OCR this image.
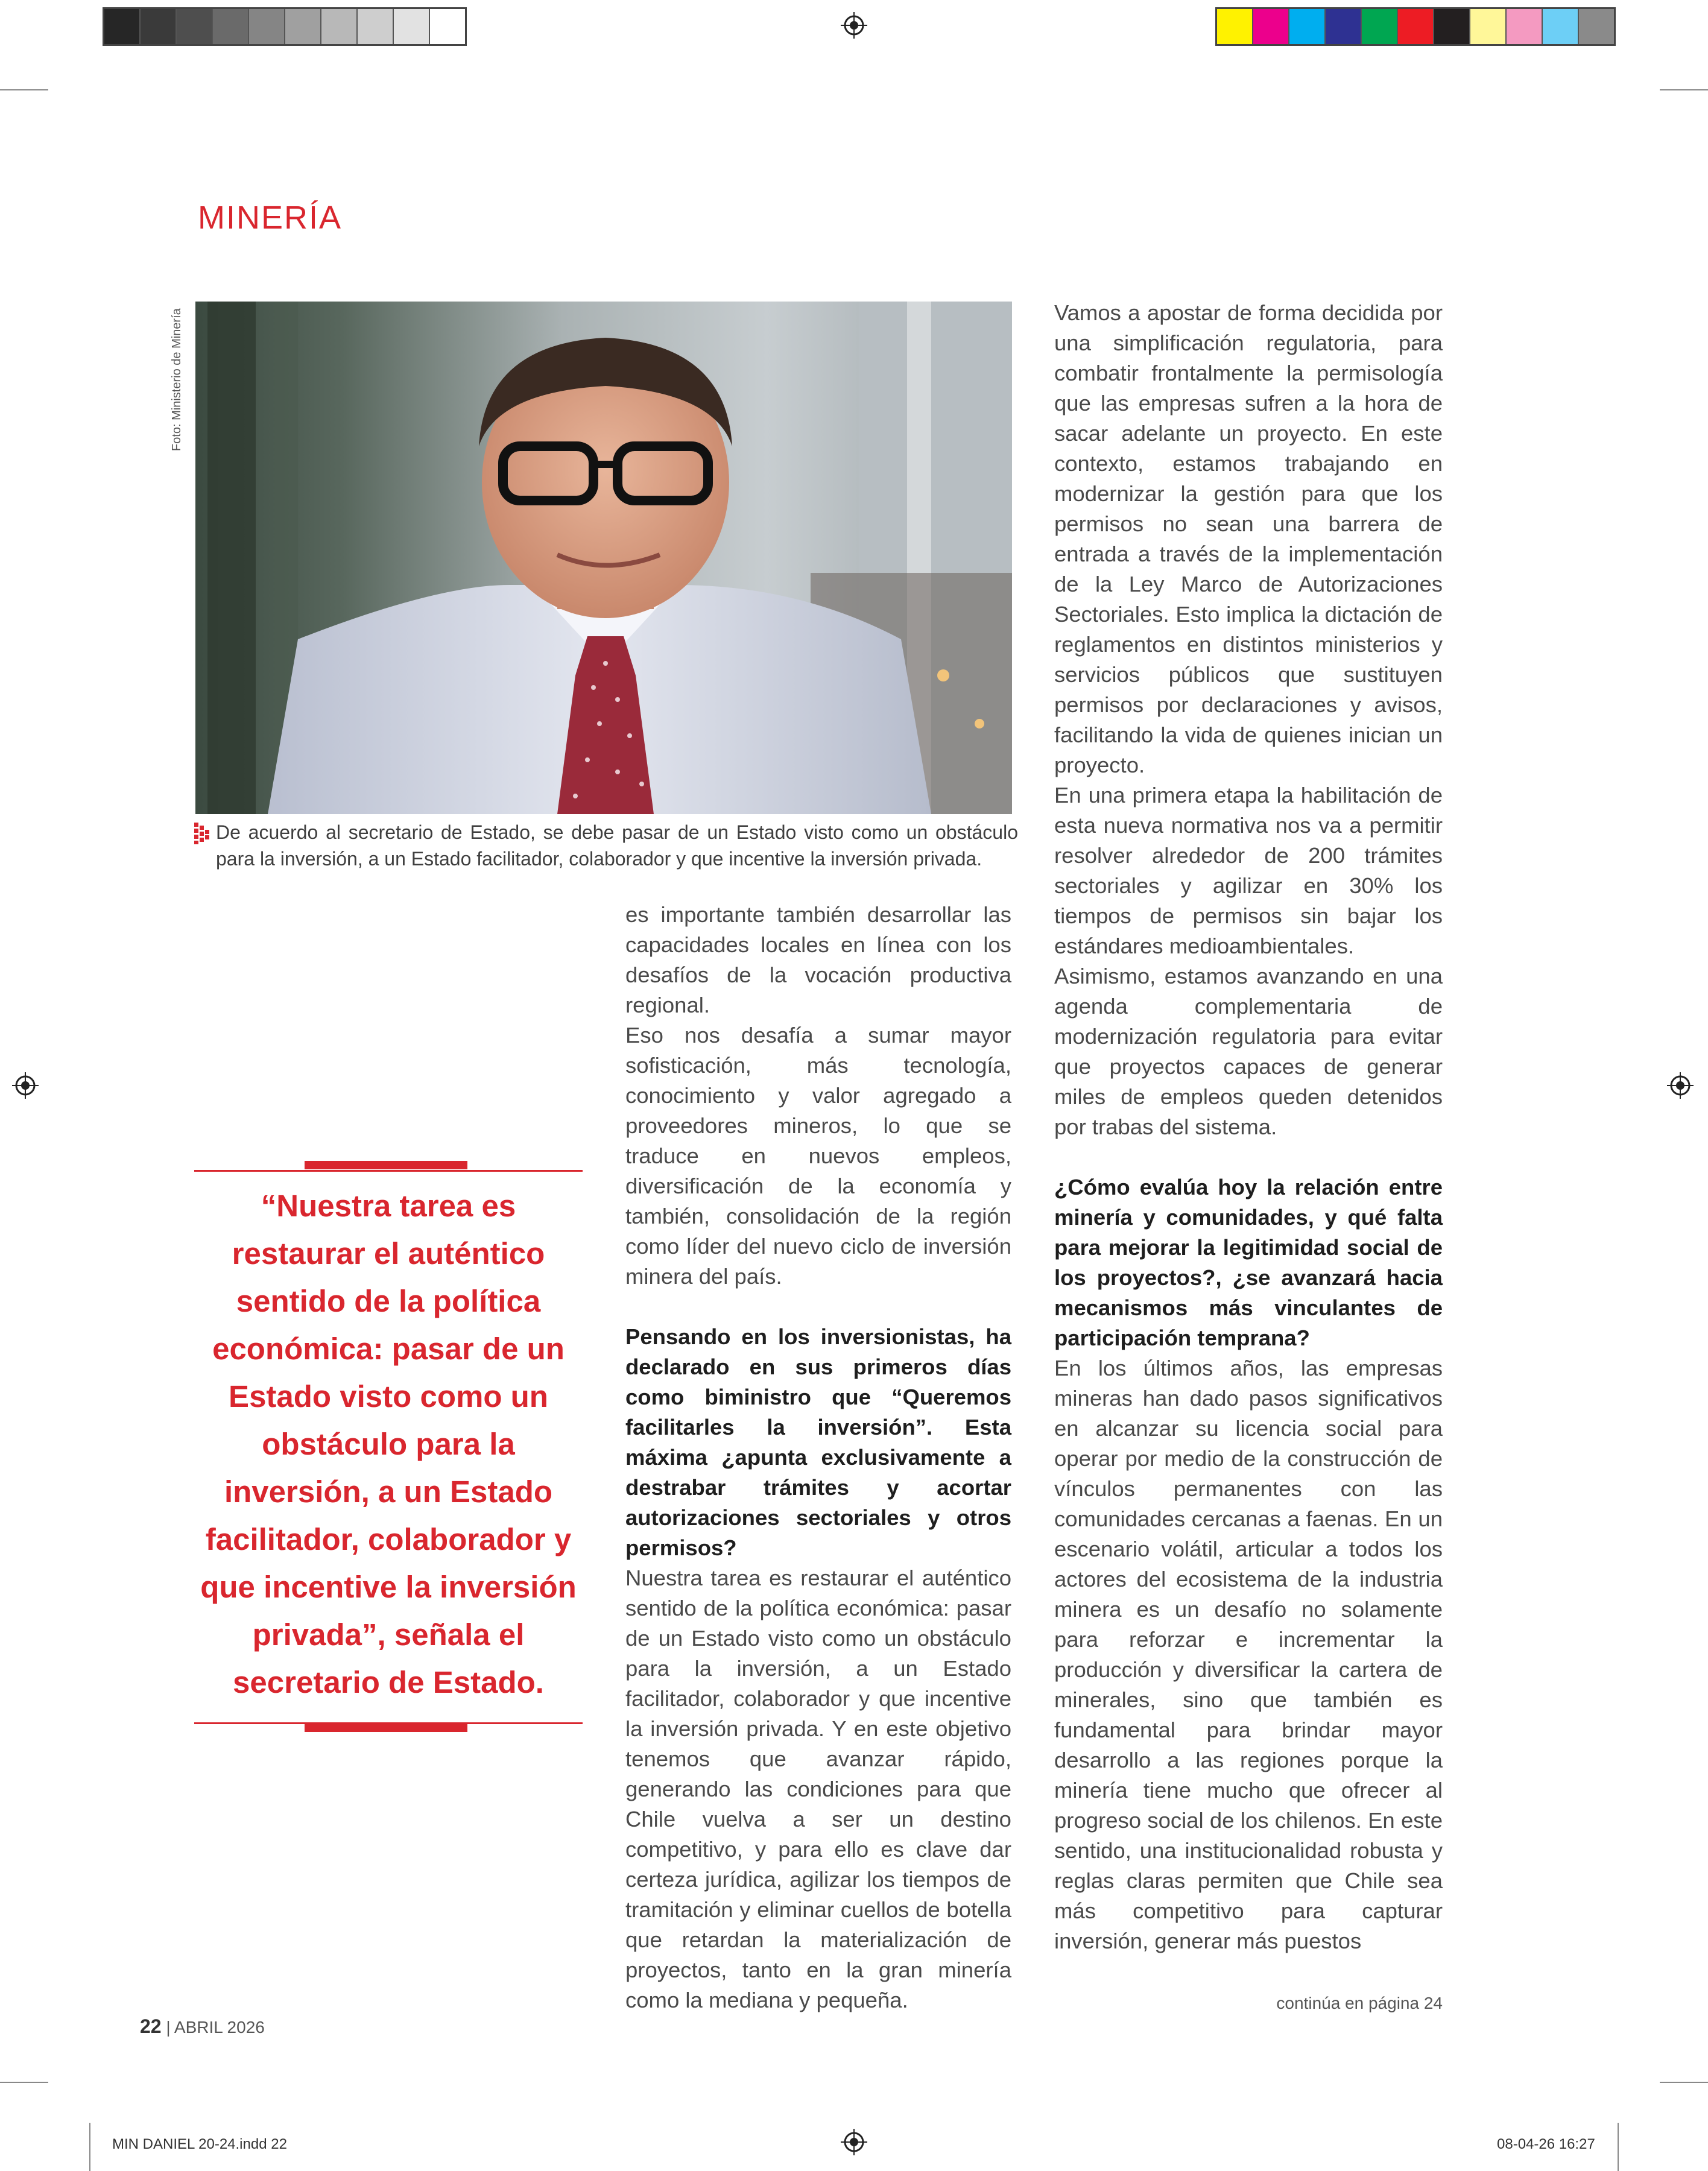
MINERÍA
Foto: Ministerio de Minería

De acuerdo al secretario de Estado, se debe pasar de un Estado visto como un obstáculo

para la inversión, a un Estado facilitador, colaborador y que incentive la inversión privada.

“Nuestra tarea es restaurar el auténtico sentido de la política económica: pasar de un Estado visto como un obstáculo para la inversión, a un Estado facilitador, colaborador y que incentive la inversión privada”, señala el secretario de Estado.

es importante también desarrollar las capacidades locales en línea con los desafíos de la vocación productiva regional.

Eso nos desafía a sumar mayor sofisticación, más tecnología, conocimiento y valor agregado a proveedores mineros, lo que se traduce en nuevos empleos, diversificación de la economía y también, consolidación de la región como líder del nuevo ciclo de inversión minera del país.

Pensando en los inversionistas, ha declarado en sus primeros días como biministro que “Queremos facilitarles la inversión”. Esta máxima ¿apunta exclusivamente a destrabar trámites y acortar autorizaciones sectoriales y otros permisos?

Nuestra tarea es restaurar el auténtico sentido de la política económica: pasar de un Estado visto como un obstáculo para la inversión, a un Estado facilitador, colaborador y que incentive la inversión privada. Y en este objetivo tenemos que avanzar rápido, generando las condiciones para que Chile vuelva a ser un destino competitivo, y para ello es clave dar certeza jurídica, agilizar los tiempos de tramitación y eliminar cuellos de botella que retardan la materialización de proyectos, tanto en la gran minería como la mediana y pequeña.

Vamos a apostar de forma decidida por una simplificación regulatoria, para combatir frontalmente la permisología que las empresas sufren a la hora de sacar adelante un proyecto. En este contexto, estamos trabajando en modernizar la gestión para que los permisos no sean una barrera de entrada a través de la implementación de la Ley Marco de Autorizaciones Sectoriales. Esto implica la dictación de reglamentos en distintos ministerios y servicios públicos que sustituyen permisos por declaraciones y avisos, facilitando la vida de quienes inician un proyecto.

En una primera etapa la habilitación de esta nueva normativa nos va a permitir resolver alrededor de 200 trámites sectoriales y agilizar en 30% los tiempos de permisos sin bajar los estándares medioambientales.

Asimismo, estamos avanzando en una agenda complementaria de modernización regulatoria para evitar que proyectos capaces de generar miles de empleos queden detenidos por trabas del sistema.

¿Cómo evalúa hoy la relación entre minería y comunidades, y qué falta para mejorar la legitimidad social de los proyectos?, ¿se avanzará hacia mecanismos más vinculantes de participación temprana?

En los últimos años, las empresas mineras han dado pasos significativos en alcanzar su licencia social para operar por medio de la construcción de vínculos permanentes con las comunidades cercanas a faenas. En un escenario volátil, articular a todos los actores del ecosistema de la industria minera es un desafío no solamente para reforzar e incrementar la producción y diversificar la cartera de minerales, sino que también es fundamental para brindar mayor desarrollo a las regiones porque la minería tiene mucho que ofrecer al progreso social de los chilenos. En este sentido, una institucionalidad robusta y reglas claras permiten que Chile sea más competitivo para capturar inversión, generar más puestos

continúa en página 24
22 | ABRIL 2026
MIN DANIEL 20-24.indd 22	08-04-26 16:27
